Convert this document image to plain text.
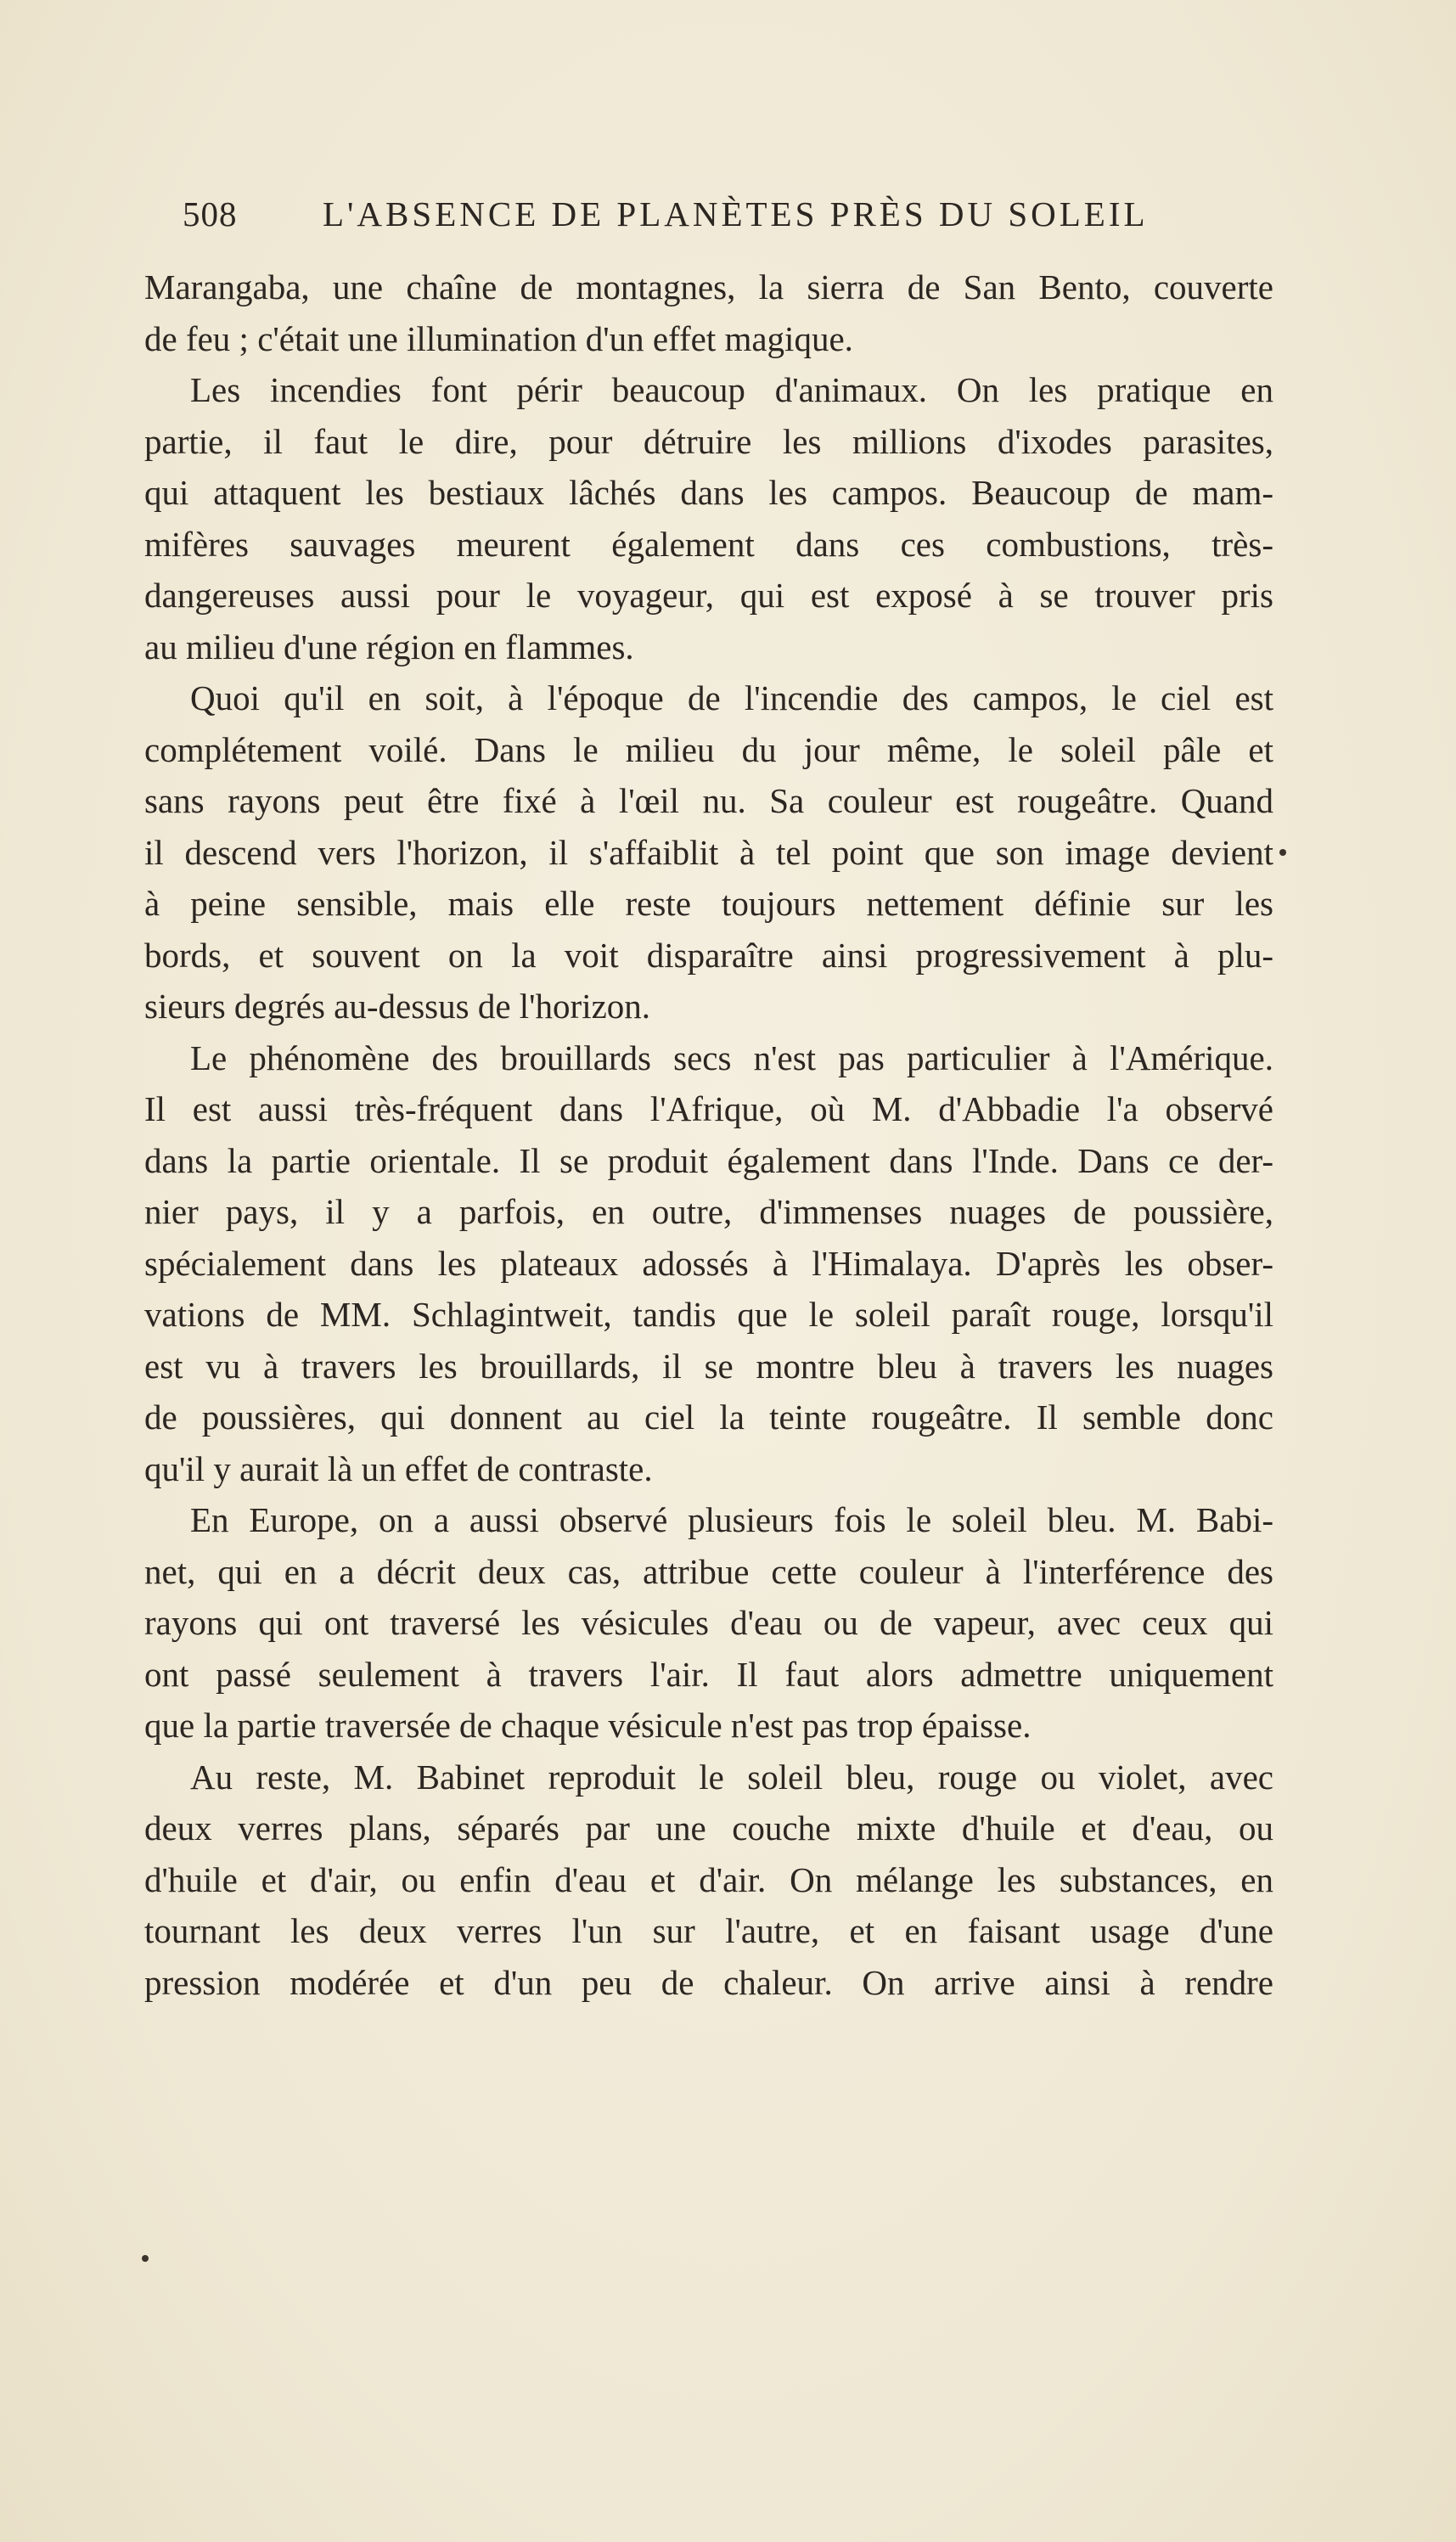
508 L'ABSENCE DE PLANÈTES PRÈS DU SOLEIL
Marangaba, une chaîne de montagnes, la sierra de San Bento, couverte
de feu ; c'était une illumination d'un effet magique.
Les incendies font périr beaucoup d'animaux. On les pratique en
partie, il faut le dire, pour détruire les millions d'ixodes parasites,
qui attaquent les bestiaux lâchés dans les campos. Beaucoup de mam-
mifères sauvages meurent également dans ces combustions, très-
dangereuses aussi pour le voyageur, qui est exposé à se trouver pris
au milieu d'une région en flammes.
Quoi qu'il en soit, à l'époque de l'incendie des campos, le ciel est
complétement voilé. Dans le milieu du jour même, le soleil pâle et
sans rayons peut être fixé à l'œil nu. Sa couleur est rougeâtre. Quand
il descend vers l'horizon, il s'affaiblit à tel point que son image devient
à peine sensible, mais elle reste toujours nettement définie sur les
bords, et souvent on la voit disparaître ainsi progressivement à plu-
sieurs degrés au-dessus de l'horizon.
Le phénomène des brouillards secs n'est pas particulier à l'Amérique.
Il est aussi très-fréquent dans l'Afrique, où M. d'Abbadie l'a observé
dans la partie orientale. Il se produit également dans l'Inde. Dans ce der-
nier pays, il y a parfois, en outre, d'immenses nuages de poussière,
spécialement dans les plateaux adossés à l'Himalaya. D'après les obser-
vations de MM. Schlagintweit, tandis que le soleil paraît rouge, lorsqu'il
est vu à travers les brouillards, il se montre bleu à travers les nuages
de poussières, qui donnent au ciel la teinte rougeâtre. Il semble donc
qu'il y aurait là un effet de contraste.
En Europe, on a aussi observé plusieurs fois le soleil bleu. M. Babi-
net, qui en a décrit deux cas, attribue cette couleur à l'interférence des
rayons qui ont traversé les vésicules d'eau ou de vapeur, avec ceux qui
ont passé seulement à travers l'air. Il faut alors admettre uniquement
que la partie traversée de chaque vésicule n'est pas trop épaisse.
Au reste, M. Babinet reproduit le soleil bleu, rouge ou violet, avec
deux verres plans, séparés par une couche mixte d'huile et d'eau, ou
d'huile et d'air, ou enfin d'eau et d'air. On mélange les substances, en
tournant les deux verres l'un sur l'autre, et en faisant usage d'une
pression modérée et d'un peu de chaleur. On arrive ainsi à rendre
